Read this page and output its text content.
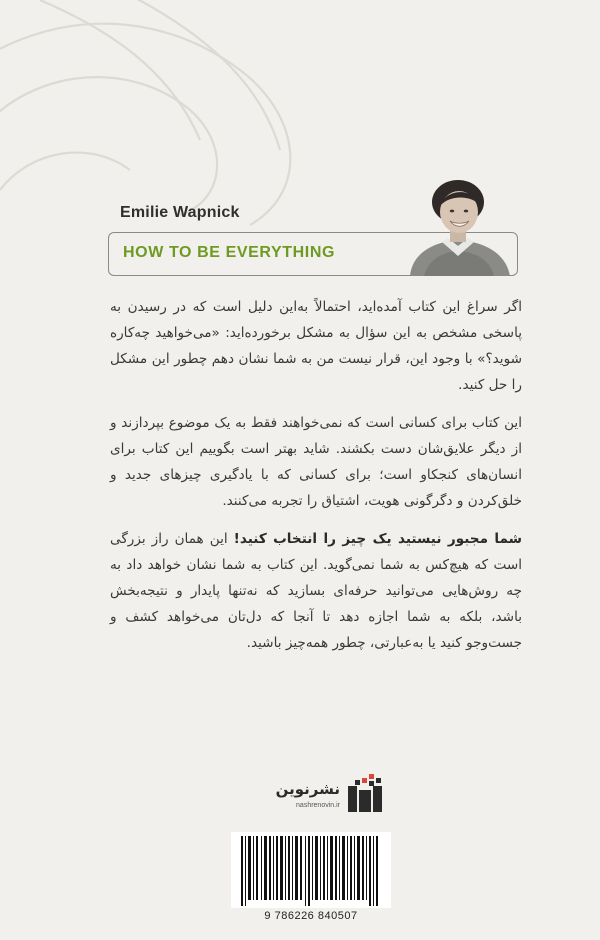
Emilie Wapnick
HOW TO BE EVERYTHING

اگر سراغ این کتاب آمده‌اید، احتمالاً به‌این دلیل است که در رسیدن به پاسخی مشخص به این سؤال به مشکل برخورده‌اید: «می‌خواهید چه‌کاره شوید؟» با وجود این، قرار نیست من به شما نشان دهم چطور این مشکل را حل کنید.

این کتاب برای کسانی است که نمی‌خواهند فقط به یک موضوع بپردازند و از دیگر علایق‌شان دست بکشند. شاید بهتر است بگوییم این کتاب برای انسان‌های کنجکاو است؛ برای کسانی که با یادگیری چیزهای جدید و خلق‌کردن و دگرگونی هویت، اشتیاق را تجربه می‌کنند.

شما مجبور نیستید یک چیز را انتخاب کنید! این همان راز بزرگی است که هیچ‌کس به شما نمی‌گوید. این کتاب به شما نشان خواهد داد به چه روش‌هایی می‌توانید حرفه‌ای بسازید که نه‌تنها پایدار و نتیجه‌بخش باشد، بلکه به شما اجازه دهد تا آنجا که دل‌تان می‌خواهد کشف و جست‌وجو کنید یا به‌عبارتی، چطور همه‌چیز باشید.

نشرنوین
nashrenovin.ir
9 786226 840507
